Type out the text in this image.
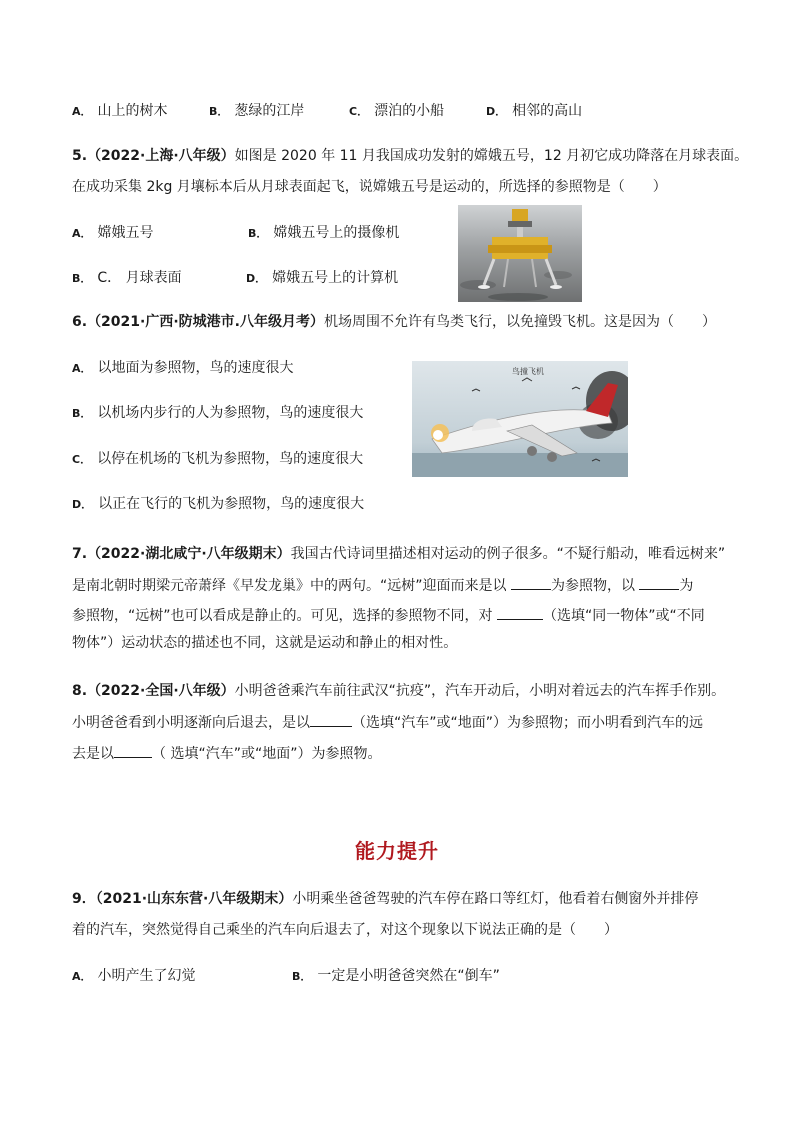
A． 山上的树木	B． 葱绿的江岸	C． 漂泊的小船	D． 相邻的高山
5.（2022·上海·八年级）如图是 2020 年 11 月我国成功发射的嫦娥五号，12 月初它成功降落在月球表面。
在成功采集 2kg 月壤标本后从月球表面起飞，说嫦娥五号是运动的，所选择的参照物是（　　）
A． 嫦娥五号	B． 嫦娥五号上的摄像机
B． C． 月球表面	D． 嫦娥五号上的计算机
6.（2021·广西·防城港市.八年级月考）机场周围不允许有鸟类飞行，以免撞毁飞机。这是因为（　　）
A． 以地面为参照物，鸟的速度很大
B． 以机场内步行的人为参照物，鸟的速度很大
C． 以停在机场的飞机为参照物，鸟的速度很大
D． 以正在飞行的飞机为参照物，鸟的速度很大
鸟撞飞机
7.（2022·湖北咸宁·八年级期末）我国古代诗词里描述相对运动的例子很多。“不疑行船动，唯看远树来”
是南北朝时期梁元帝萧绎《早发龙巢》中的两句。“远树”迎面而来是以	为参照物，以	为
参照物，“远树”也可以看成是静止的。可见，选择的参照物不同，对	（选填“同一物体”或“不同
物体”）运动状态的描述也不同，这就是运动和静止的相对性。
8.（2022·全国·八年级）小明爸爸乘汽车前往武汉“抗疫”，汽车开动后，小明对着远去的汽车挥手作别。
小明爸爸看到小明逐渐向后退去，是以	（选填“汽车”或“地面”）为参照物；而小明看到汽车的远
去是以	（ 选填“汽车”或“地面”）为参照物。
能力提升
9．（2021·山东东营·八年级期末）小明乘坐爸爸驾驶的汽车停在路口等红灯，他看着右侧窗外并排停
着的汽车，突然觉得自己乘坐的汽车向后退去了，对这个现象以下说法正确的是（　　）
A． 小明产生了幻觉	B． 一定是小明爸爸突然在“倒车”
